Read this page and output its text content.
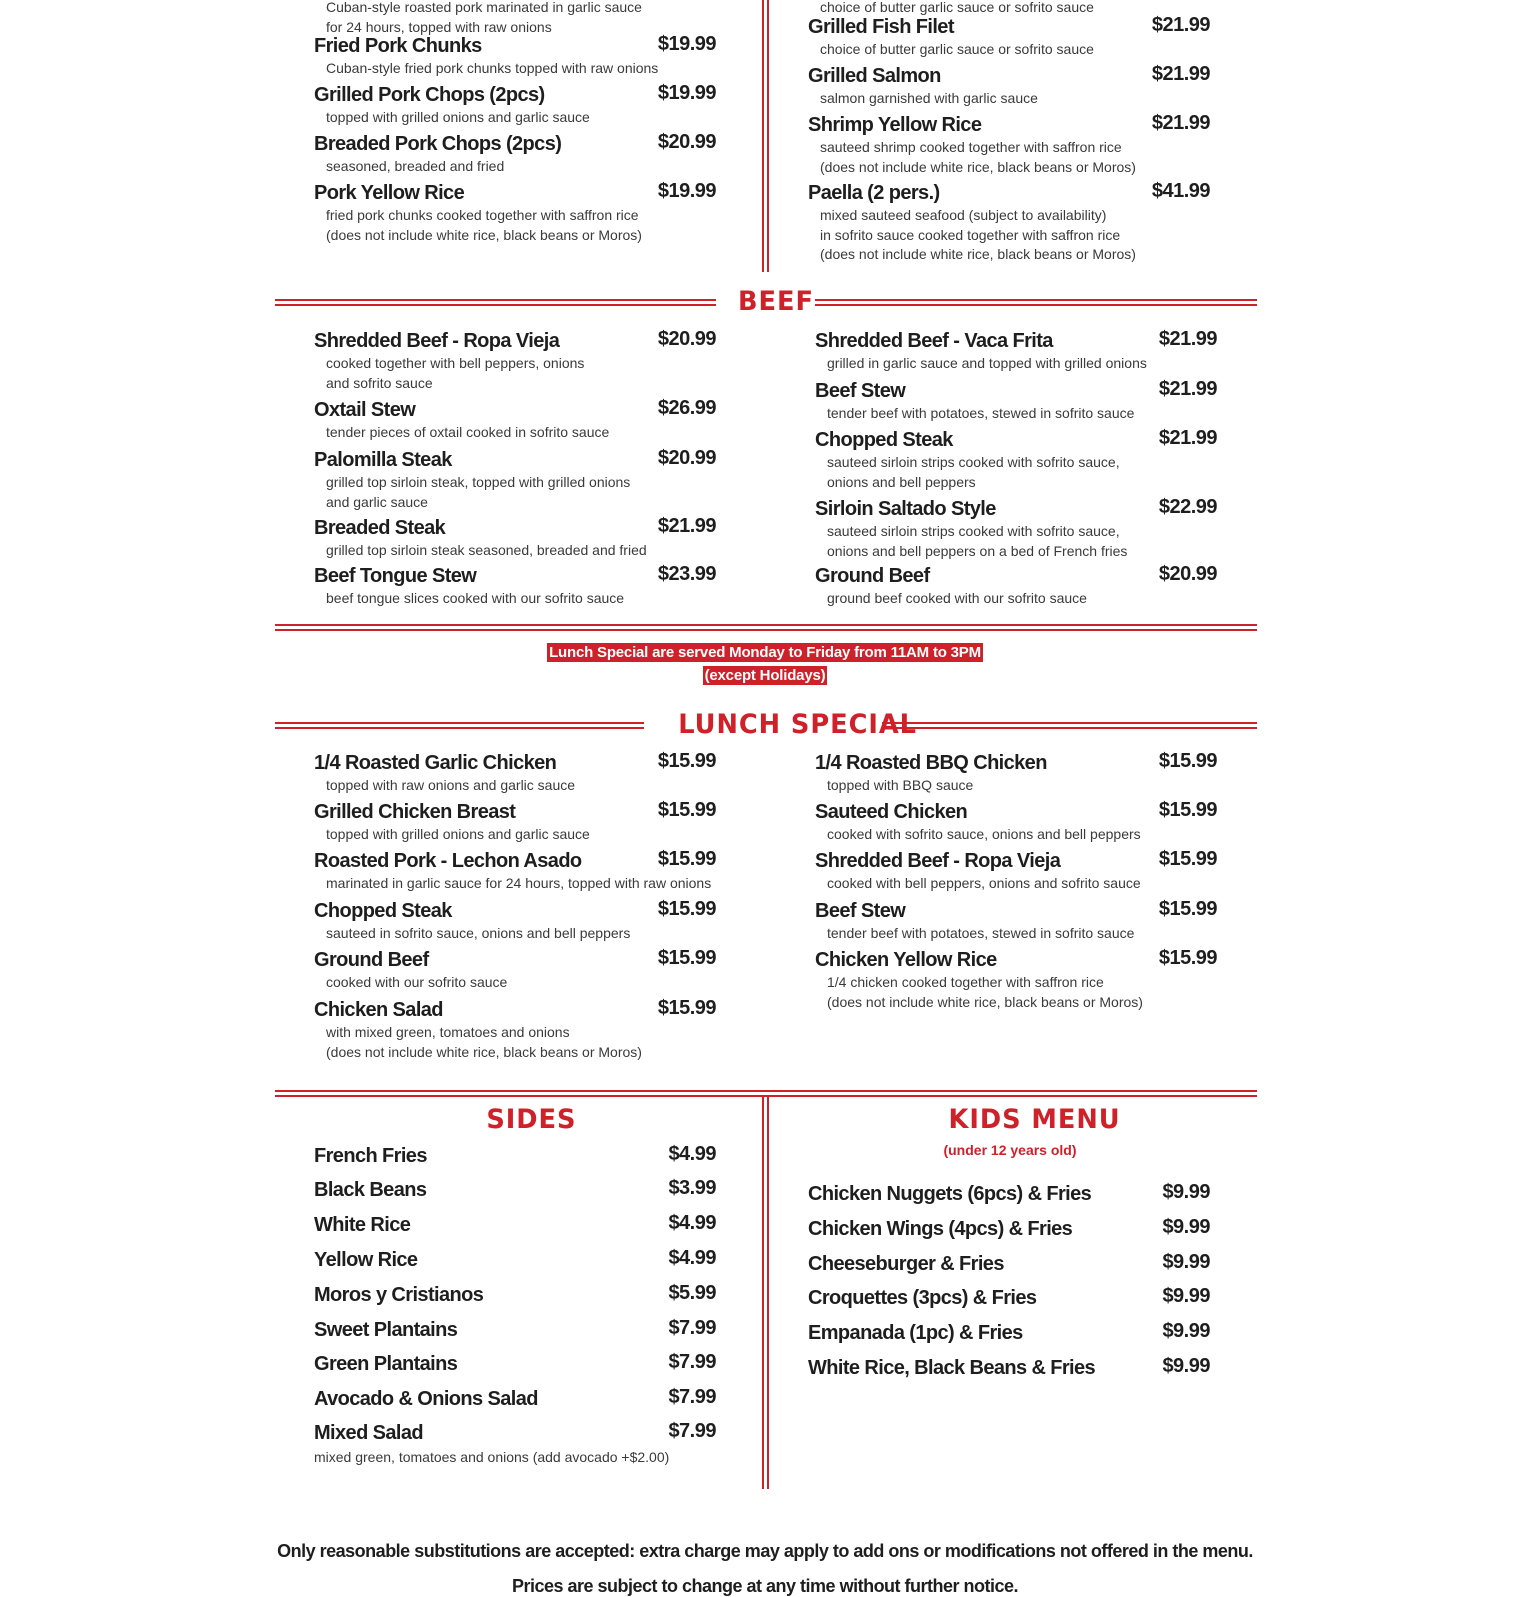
Cuban-style roasted pork marinated in garlic sauce
for 24 hours, topped with raw onions
choice of butter garlic sauce or sofrito sauce
Fried Pork Chunks	$19.99
Cuban-style fried pork chunks topped with raw onions
Grilled Pork Chops (2pcs)	$19.99
topped with grilled onions and garlic sauce
Breaded Pork Chops (2pcs)	$20.99
seasoned, breaded and fried
Pork Yellow Rice	$19.99
fried pork chunks cooked together with saffron rice
(does not include white rice, black beans or Moros)
Grilled Fish Filet	$21.99
choice of butter garlic sauce or sofrito sauce
Grilled Salmon	$21.99
salmon garnished with garlic sauce
Shrimp Yellow Rice	$21.99
sauteed shrimp cooked together with saffron rice
(does not include white rice, black beans or Moros)
Paella (2 pers.)	$41.99
mixed sauteed seafood (subject to availability)
in sofrito sauce cooked together with saffron rice
(does not include white rice, black beans or Moros)
BEEF
Shredded Beef - Ropa Vieja	$20.99
cooked together with bell peppers, onions
and sofrito sauce
Oxtail Stew	$26.99
tender pieces of oxtail cooked in sofrito sauce
Palomilla Steak	$20.99
grilled top sirloin steak, topped with grilled onions
and garlic sauce
Breaded Steak	$21.99
grilled top sirloin steak seasoned, breaded and fried
Beef Tongue Stew	$23.99
beef tongue slices cooked with our sofrito sauce
Shredded Beef - Vaca Frita	$21.99
grilled in garlic sauce and topped with grilled onions
Beef Stew	$21.99
tender beef with potatoes, stewed in sofrito sauce
Chopped Steak	$21.99
sauteed sirloin strips cooked with sofrito sauce,
onions and bell peppers
Sirloin Saltado Style	$22.99
sauteed sirloin strips cooked with sofrito sauce,
onions and bell peppers on a bed of French fries
Ground Beef	$20.99
ground beef cooked with our sofrito sauce
Lunch Special are served Monday to Friday from 11AM to 3PM
(except Holidays)
LUNCH SPECIAL
1/4 Roasted Garlic Chicken	$15.99
topped with raw onions and garlic sauce
Grilled Chicken Breast	$15.99
topped with grilled onions and garlic sauce
Roasted Pork - Lechon Asado	$15.99
marinated in garlic sauce for 24 hours, topped with raw onions
Chopped Steak	$15.99
sauteed in sofrito sauce, onions and bell peppers
Ground Beef	$15.99
cooked with our sofrito sauce
Chicken Salad	$15.99
with mixed green, tomatoes and onions
(does not include white rice, black beans or Moros)
1/4 Roasted BBQ Chicken	$15.99
topped with BBQ sauce
Sauteed Chicken	$15.99
cooked with sofrito sauce, onions and bell peppers
Shredded Beef - Ropa Vieja	$15.99
cooked with bell peppers, onions and sofrito sauce
Beef Stew	$15.99
tender beef with potatoes, stewed in sofrito sauce
Chicken Yellow Rice	$15.99
1/4 chicken cooked together with saffron rice
(does not include white rice, black beans or Moros)
SIDES	KIDS MENU
(under 12 years old)
French Fries	$4.99
Black Beans	$3.99
White Rice	$4.99
Yellow Rice	$4.99
Moros y Cristianos	$5.99
Sweet Plantains	$7.99
Green Plantains	$7.99
Avocado & Onions Salad	$7.99
Mixed Salad	$7.99
mixed green, tomatoes and onions (add avocado +$2.00)
Chicken Nuggets (6pcs) & Fries	$9.99
Chicken Wings (4pcs) & Fries	$9.99
Cheeseburger & Fries	$9.99
Croquettes (3pcs) & Fries	$9.99
Empanada (1pc) & Fries	$9.99
White Rice, Black Beans & Fries	$9.99
Only reasonable substitutions are accepted: extra charge may apply to add ons or modifications not offered in the menu.
Prices are subject to change at any time without further notice.
